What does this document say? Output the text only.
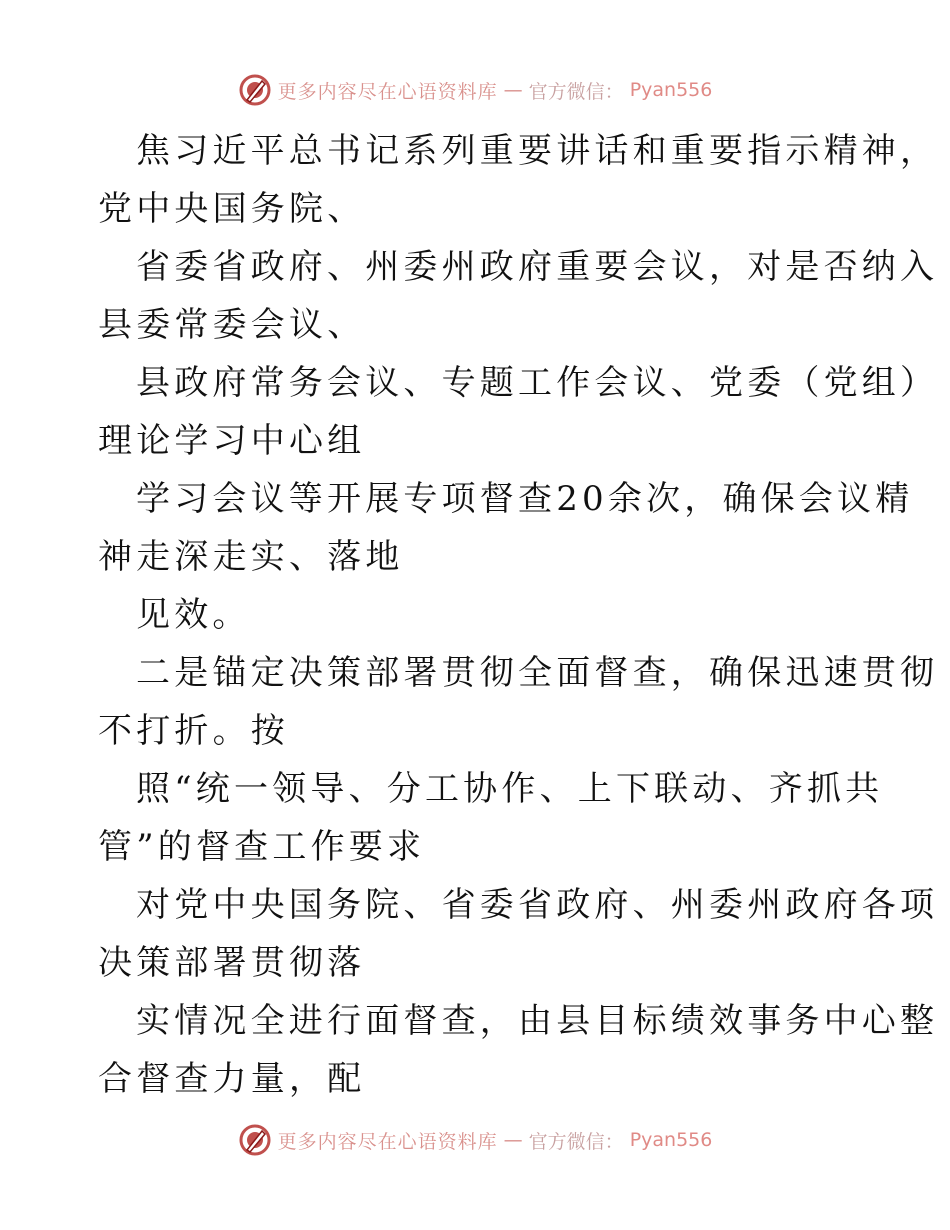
更多内容尽在心语资料库 — 官方微信： Pyan556
焦习近平总书记系列重要讲话和重要指示精神，
党中央国务院、
省委省政府、州委州政府重要会议，对是否纳入
县委常委会议、
县政府常务会议、专题工作会议、党委（党组）
理论学习中心组
学习会议等开展专项督查20余次，确保会议精
神走深走实、落地
见效。
二是锚定决策部署贯彻全面督查，确保迅速贯彻
不打折。按
照“统一领导、分工协作、上下联动、齐抓共
管”的督查工作要求
对党中央国务院、省委省政府、州委州政府各项
决策部署贯彻落
实情况全进行面督查，由县目标绩效事务中心整
合督查力量，配
更多内容尽在心语资料库 — 官方微信： Pyan556
